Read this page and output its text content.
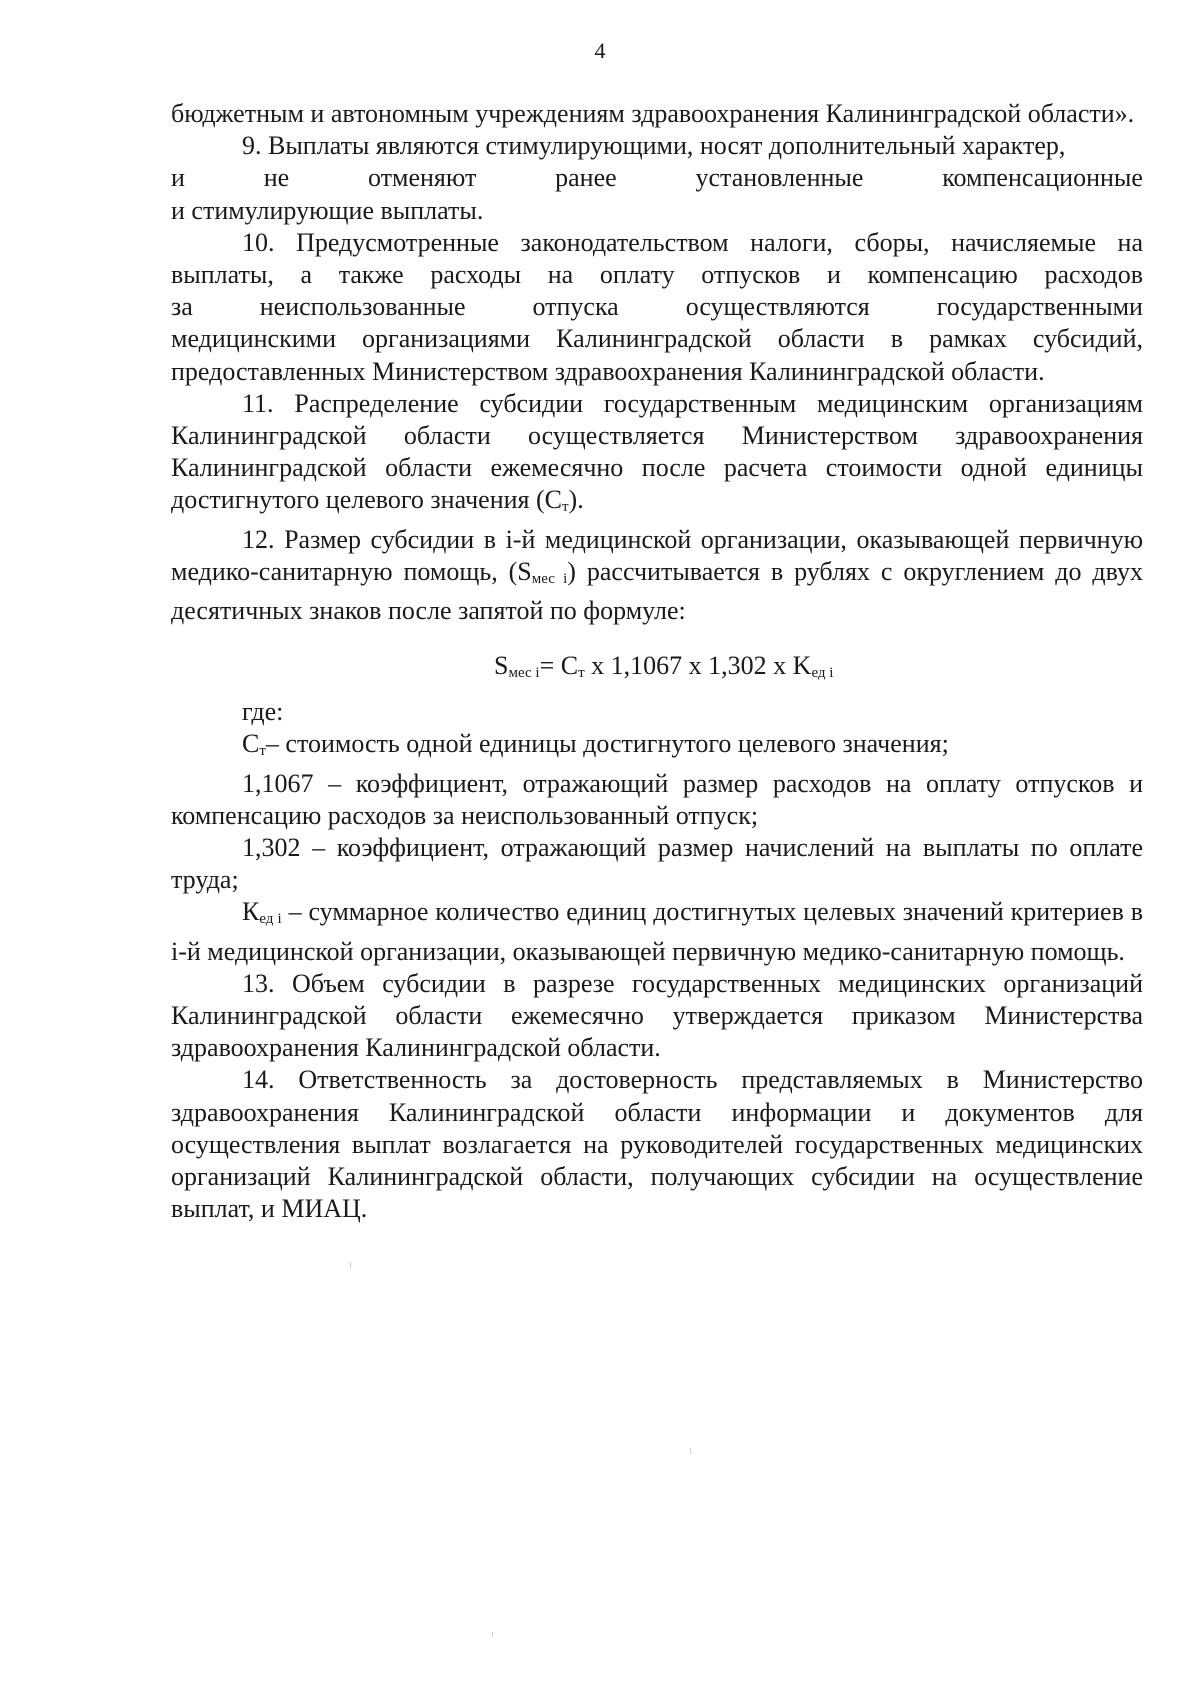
4

бюджетным и автономным учреждениям здравоохранения Калининградской области».

9. Выплаты являются стимулирующими, носят дополнительный характер,

и	не	отменяют	ранее	установленные	компенсационные

и стимулирующие выплаты.

10. Предусмотренные законодательством налоги, сборы, начисляемые на выплаты, а также расходы на оплату отпусков и компенсацию расходов

за	неиспользованные	отпуска	осуществляются	государственными

медицинскими организациями Калининградской области в рамках субсидий, предоставленных Министерством здравоохранения Калининградской области.

11. Распределение субсидии государственным медицинским организациям Калининградской области осуществляется Министерством здравоохранения Калининградской области ежемесячно после расчета стоимости одной единицы достигнутого целевого значения $(С_т)$.

12. Размер субсидии в i-й медицинской организации, оказывающей первичную медико-санитарную помощь, $(S_{мес i})$ рассчитывается в рублях с округлением до двух десятичных знаков после запятой по формуле:

$S_{мес i}= С_т$ х 1,1067 х 1,302 х $K_{ед i}$

где:

$С_т-$ стоимость одной единицы достигнутого целевого значения;

1,1067 – коэффициент, отражающий размер расходов на оплату отпусков и компенсацию расходов за неиспользованный отпуск;

1,302 – коэффициент, отражающий размер начислений на выплаты по оплате труда;

$К_{ед i}$ – суммарное количество единиц достигнутых целевых значений критериев в i-й медицинской организации, оказывающей первичную медико-санитарную помощь.

13. Объем субсидии в разрезе государственных медицинских организаций Калининградской области ежемесячно утверждается приказом Министерства здравоохранения Калининградской области.

14. Ответственность за достоверность представляемых в Министерство здравоохранения Калининградской области информации и документов для осуществления выплат возлагается на руководителей государственных медицинских организаций Калининградской области, получающих субсидии на осуществление выплат, и МИАЦ.
